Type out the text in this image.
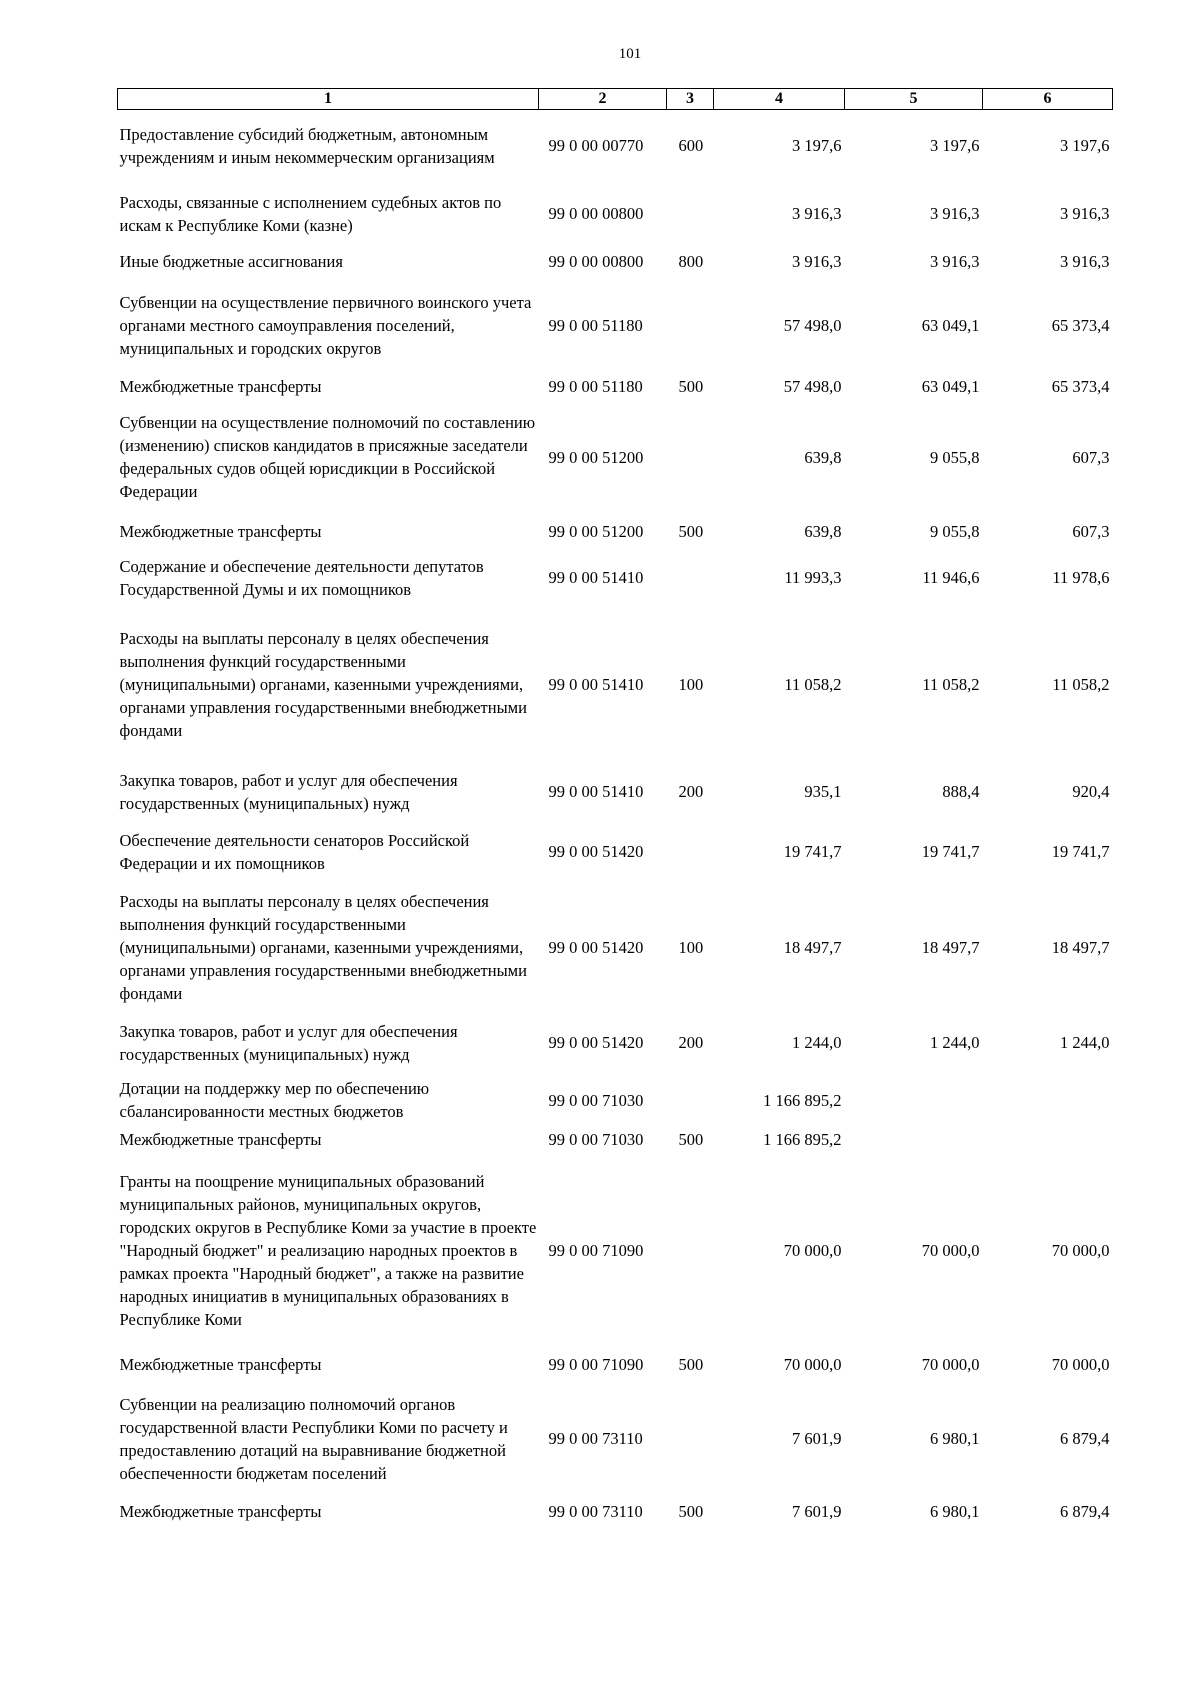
101
1	2	3	4	5	6
Предоставление субсидий бюджетным, автономным учреждениям и иным некоммерческим организациям	99 0 00 00770	600	3 197,6	3 197,6	3 197,6
Расходы, связанные с исполнением судебных актов по искам к Республике Коми (казне)	99 0 00 00800		3 916,3	3 916,3	3 916,3
Иные бюджетные ассигнования	99 0 00 00800	800	3 916,3	3 916,3	3 916,3
Субвенции на осуществление первичного воинского учета органами местного самоуправления поселений, муниципальных и городских округов	99 0 00 51180		57 498,0	63 049,1	65 373,4
Межбюджетные трансферты	99 0 00 51180	500	57 498,0	63 049,1	65 373,4
Субвенции на осуществление полномочий по составлению (изменению) списков кандидатов в присяжные заседатели федеральных судов общей юрисдикции в Российской Федерации	99 0 00 51200		639,8	9 055,8	607,3
Межбюджетные трансферты	99 0 00 51200	500	639,8	9 055,8	607,3
Содержание и обеспечение деятельности депутатов Государственной Думы и их помощников	99 0 00 51410		11 993,3	11 946,6	11 978,6
Расходы на выплаты персоналу в целях обеспечения выполнения функций государственными (муниципальными) органами, казенными учреждениями, органами управления государственными внебюджетными фондами	99 0 00 51410	100	11 058,2	11 058,2	11 058,2
Закупка товаров, работ и услуг для обеспечения государственных (муниципальных) нужд	99 0 00 51410	200	935,1	888,4	920,4
Обеспечение деятельности сенаторов Российской Федерации и их помощников	99 0 00 51420		19 741,7	19 741,7	19 741,7
Расходы на выплаты персоналу в целях обеспечения выполнения функций государственными (муниципальными) органами, казенными учреждениями, органами управления государственными внебюджетными фондами	99 0 00 51420	100	18 497,7	18 497,7	18 497,7
Закупка товаров, работ и услуг для обеспечения государственных (муниципальных) нужд	99 0 00 51420	200	1 244,0	1 244,0	1 244,0
Дотации на поддержку мер по обеспечению сбалансированности местных бюджетов	99 0 00 71030		1 166 895,2		
Межбюджетные трансферты	99 0 00 71030	500	1 166 895,2		
Гранты на поощрение муниципальных образований муниципальных районов, муниципальных округов, городских округов в Республике Коми за участие в проекте "Народный бюджет" и реализацию народных проектов в рамках проекта "Народный бюджет", а также на развитие народных инициатив в муниципальных образованиях в Республике Коми	99 0 00 71090		70 000,0	70 000,0	70 000,0
Межбюджетные трансферты	99 0 00 71090	500	70 000,0	70 000,0	70 000,0
Субвенции на реализацию полномочий органов государственной власти Республики Коми по расчету и предоставлению дотаций на выравнивание бюджетной обеспеченности бюджетам поселений	99 0 00 73110		7 601,9	6 980,1	6 879,4
Межбюджетные трансферты	99 0 00 73110	500	7 601,9	6 980,1	6 879,4
